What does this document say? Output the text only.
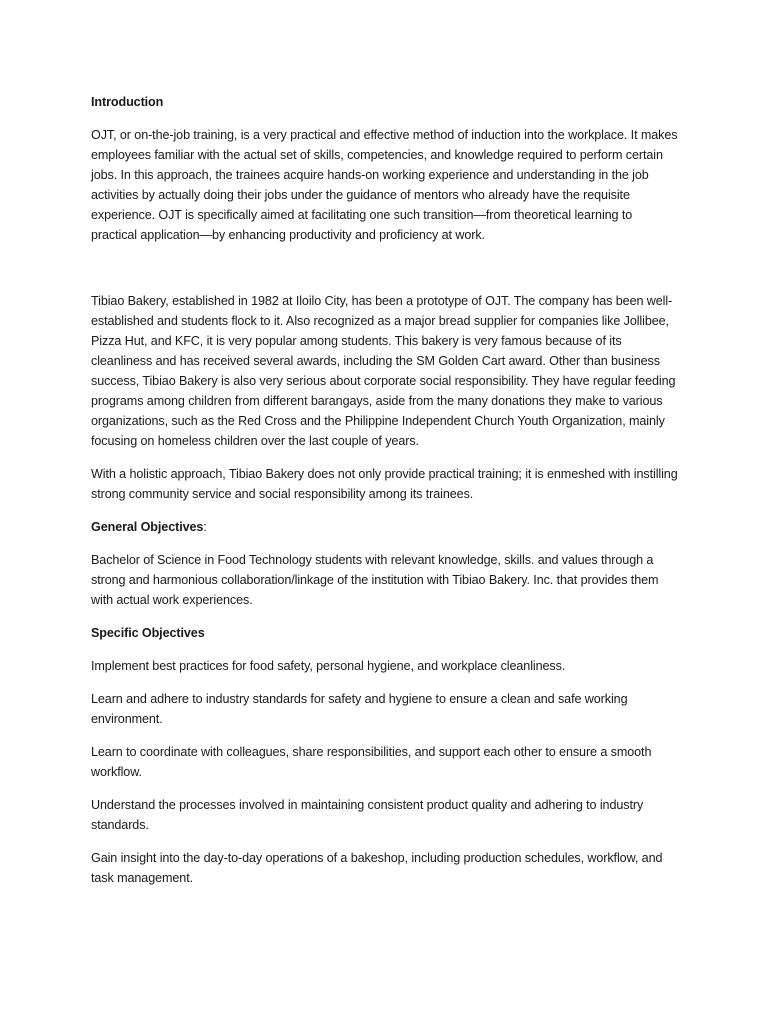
Introduction

OJT, or on-the-job training, is a very practical and effective method of induction into the workplace. It makes employees familiar with the actual set of skills, competencies, and knowledge required to perform certain jobs. In this approach, the trainees acquire hands-on working experience and understanding in the job activities by actually doing their jobs under the guidance of mentors who already have the requisite experience. OJT is specifically aimed at facilitating one such transition—from theoretical learning to practical application—by enhancing productivity and proficiency at work.

Tibiao Bakery, established in 1982 at Iloilo City, has been a prototype of OJT. The company has been well-established and students flock to it. Also recognized as a major bread supplier for companies like Jollibee, Pizza Hut, and KFC, it is very popular among students. This bakery is very famous because of its cleanliness and has received several awards, including the SM Golden Cart award. Other than business success, Tibiao Bakery is also very serious about corporate social responsibility. They have regular feeding programs among children from different barangays, aside from the many donations they make to various organizations, such as the Red Cross and the Philippine Independent Church Youth Organization, mainly focusing on homeless children over the last couple of years.

With a holistic approach, Tibiao Bakery does not only provide practical training; it is enmeshed with instilling strong community service and social responsibility among its trainees.

General Objectives:

Bachelor of Science in Food Technology students with relevant knowledge, skills. and values through a strong and harmonious collaboration/linkage of the institution with Tibiao Bakery. Inc. that provides them with actual work experiences.

Specific Objectives

Implement best practices for food safety, personal hygiene, and workplace cleanliness.

Learn and adhere to industry standards for safety and hygiene to ensure a clean and safe working environment.

Learn to coordinate with colleagues, share responsibilities, and support each other to ensure a smooth workflow.

Understand the processes involved in maintaining consistent product quality and adhering to industry standards.

Gain insight into the day-to-day operations of a bakeshop, including production schedules, workflow, and task management.
